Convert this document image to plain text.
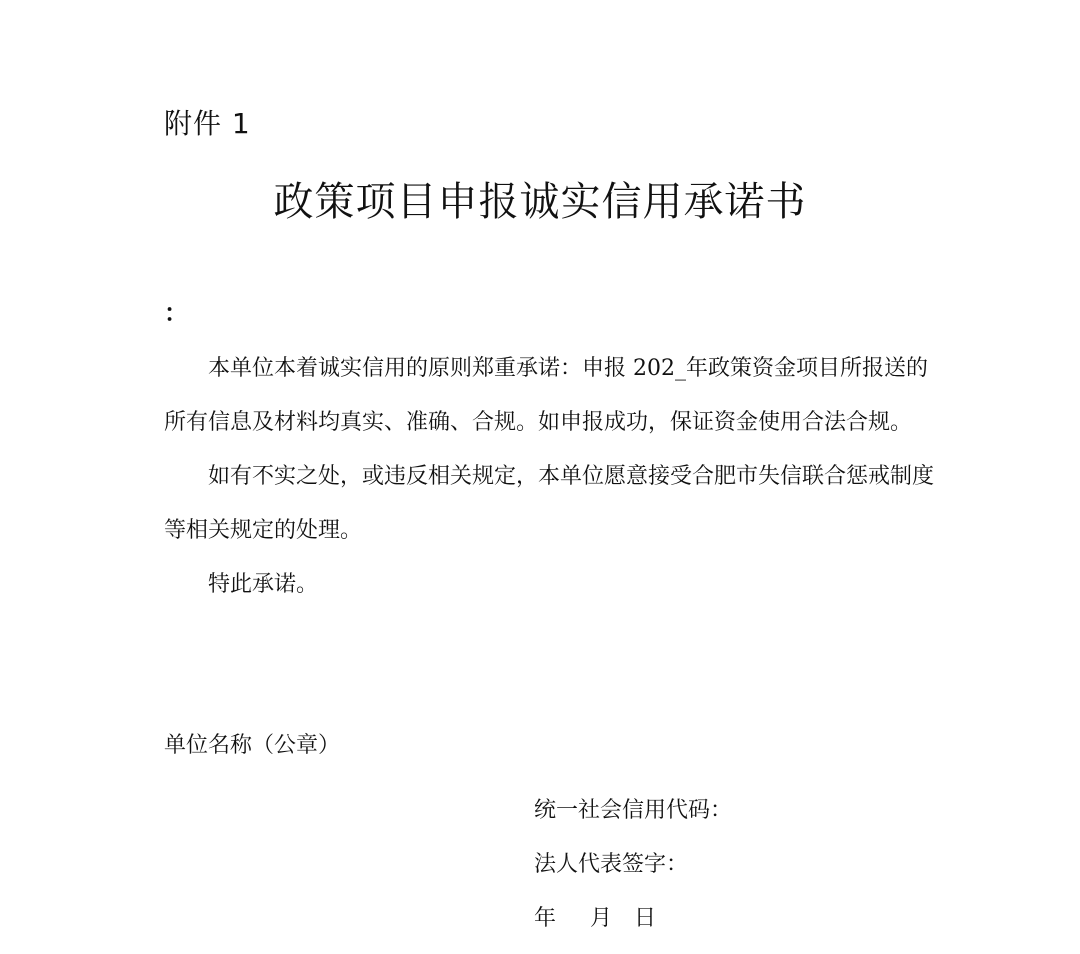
附件 1
政策项目申报诚实信用承诺书
：
本单位本着诚实信用的原则郑重承诺：申报 202_年政策资金项目所报送的
所有信息及材料均真实、准确、合规。如申报成功，保证资金使用合法合规。
如有不实之处，或违反相关规定，本单位愿意接受合肥市失信联合惩戒制度
等相关规定的处理。
特此承诺。
单位名称（公章）
统一社会信用代码：
法人代表签字：
年 月 日
